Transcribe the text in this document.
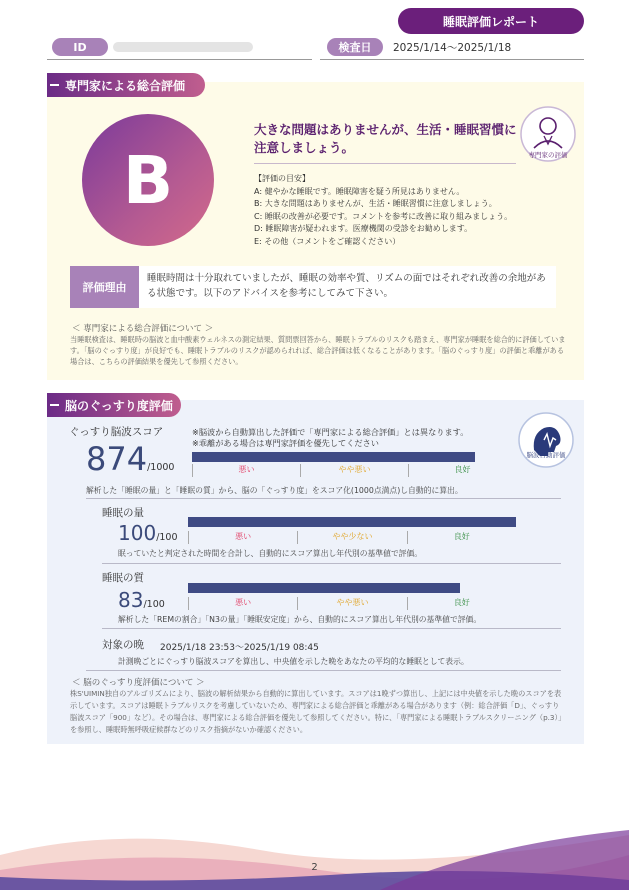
睡眠評価レポート
ID	検査日	2025/1/14〜2025/1/18
専門家による総合評価
B
大きな問題はありませんが、生活・睡眠習慣に注意しましょう。	専門家の評価
【評価の目安】
A: 健やかな睡眠です。睡眠障害を疑う所見はありません。
B: 大きな問題はありませんが、生活・睡眠習慣に注意しましょう。
C: 睡眠の改善が必要です。コメントを参考に改善に取り組みましょう。
D: 睡眠障害が疑われます。医療機関の受診をお勧めします。
E: その他（コメントをご確認ください）
評価理由
睡眠時間は十分取れていましたが、睡眠の効率や質、リズムの面ではそれぞれ改善の余地がある状態です。以下のアドバイスを参考にしてみて下さい。
＜ 専門家による総合評価について ＞
当睡眠検査は、睡眠時の脳波と血中酸素ウェルネスの測定結果、質問票回答から、睡眠トラブルのリスクも踏まえ、専門家が睡眠を総合的に評価しています。「脳のぐっすり度」が良好でも、睡眠トラブルのリスクが認められれば、総合評価は低くなることがあります。「脳のぐっすり度」の評価と乖離がある場合は、こちらの評価結果を優先して参照ください。
脳のぐっすり度評価
脳波自動評価
ぐっすり脳波スコア	※脳波から自動算出した評価で「専門家による総合評価」とは異なります。
※乖離がある場合は専門家評価を優先してください
874/1000	悪い	やや悪い	良好
解析した「睡眠の量」と「睡眠の質」から、脳の「ぐっすり度」をスコア化(1000点満点)し自動的に算出。
睡眠の量
100/100	悪い	やや少ない	良好
眠っていたと判定された時間を合計し、自動的にスコア算出し年代別の基準値で評価。
睡眠の質
83/100	悪い	やや悪い	良好
解析した「REMの割合」「N3の量」「睡眠安定度」から、自動的にスコア算出し年代別の基準値で評価。
対象の晩 2025/1/18 23:53〜2025/1/19 08:45
計測晩ごとにぐっすり脳波スコアを算出し、中央値を示した晩をあなたの平均的な睡眠として表示。
＜ 脳のぐっすり度評価について ＞
株S'UIMIN独自のアルゴリズムにより、脳波の解析結果から自動的に算出しています。スコアは1晩ずつ算出し、上記には中央値を示した晩のスコアを表示しています。スコアは睡眠トラブルリスクを考慮していないため、専門家による総合評価と乖離がある場合があります（例：総合評価「D」、ぐっすり脳波スコア「900」など）。その場合は、専門家による総合評価を優先して参照してください。特に、「専門家による睡眠トラブルスクリーニング（p.3）」を参照し、睡眠時無呼吸症候群などのリスク指摘がないか確認ください。
2
